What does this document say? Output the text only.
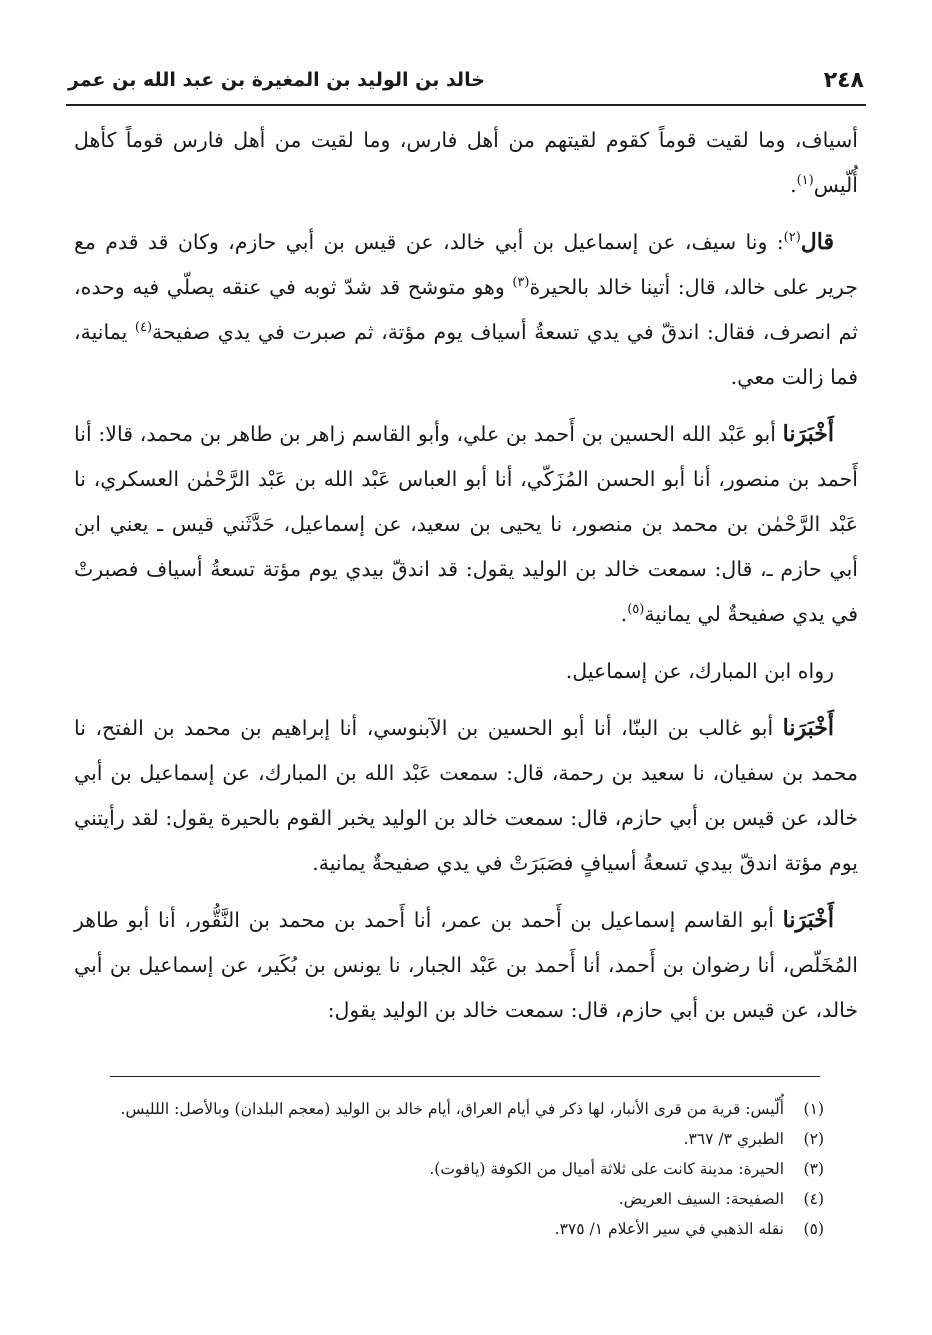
٢٤٨
خالد بن الوليد بن المغيرة بن عبد الله بن عمر

أسياف، وما لقيت قوماً كقوم لقيتهم من أهل فارس، وما لقيت من أهل فارس قوماً كأهل أُلّيس$^{(١)}$.

قال$^{(٢)}$: ونا سيف، عن إسماعيل بن أبي خالد، عن قيس بن أبي حازم، وكان قد قدم مع جرير على خالد، قال: أتينا خالد بالحيرة$^{(٣)}$ وهو متوشح قد شدّ ثوبه في عنقه يصلّي فيه وحده، ثم انصرف، فقال: اندقّ في يدي تسعةُ أسياف يوم مؤتة، ثم صبرت في يدي صفيحة$^{(٤)}$ يمانية، فما زالت معي.

أَخْبَرَنا أبو عَبْد الله الحسين بن أَحمد بن علي، وأبو القاسم زاهر بن طاهر بن محمد، قالا: أنا أَحمد بن منصور، أنا أبو الحسن المُزَكّي، أنا أبو العباس عَبْد الله بن عَبْد الرَّحْمٰن العسكري، نا عَبْد الرَّحْمٰن بن محمد بن منصور، نا يحيى بن سعيد، عن إسماعيل، حَدَّثَني قيس ـ يعني ابن أبي حازم ـ، قال: سمعت خالد بن الوليد يقول: قد اندقّ بيدي يوم مؤتة تسعةُ أسياف فصبرتْ في يدي صفيحةٌ لي يمانية$^{(٥)}$.

رواه ابن المبارك، عن إسماعيل.

أَخْبَرَنا أبو غالب بن البنّا، أنا أبو الحسين بن الآبنوسي، أنا إبراهيم بن محمد بن الفتح، نا محمد بن سفيان، نا سعيد بن رحمة، قال: سمعت عَبْد الله بن المبارك، عن إسماعيل بن أبي خالد، عن قيس بن أبي حازم، قال: سمعت خالد بن الوليد يخبر القوم بالحيرة يقول: لقد رأيتني يوم مؤتة اندقّ بيدي تسعةُ أسيافٍ فصَبَرَتْ في يدي صفيحةٌ يمانية.

أَخْبَرَنا أبو القاسم إسماعيل بن أَحمد بن عمر، أنا أَحمد بن محمد بن النَّقُّور، أنا أبو طاهر المُخَلّص، أنا رضوان بن أَحمد، أنا أَحمد بن عَبْد الجبار، نا يونس بن بُكَير، عن إسماعيل بن أبي خالد، عن قيس بن أبي حازم، قال: سمعت خالد بن الوليد يقول:

(١)
أُلّيس: قرية من قرى الأنبار، لها ذكر في أيام العراق، أيام خالد بن الوليد (معجم البلدان) وبالأصل: اللليس.
(٢)
الطبري ٣/ ٣٦٧.
(٣)
الحيرة: مدينة كانت على ثلاثة أميال من الكوفة (ياقوت).
(٤)
الصفيحة: السيف العريض.
(٥)
نقله الذهبي في سير الأعلام ١/ ٣٧٥.
